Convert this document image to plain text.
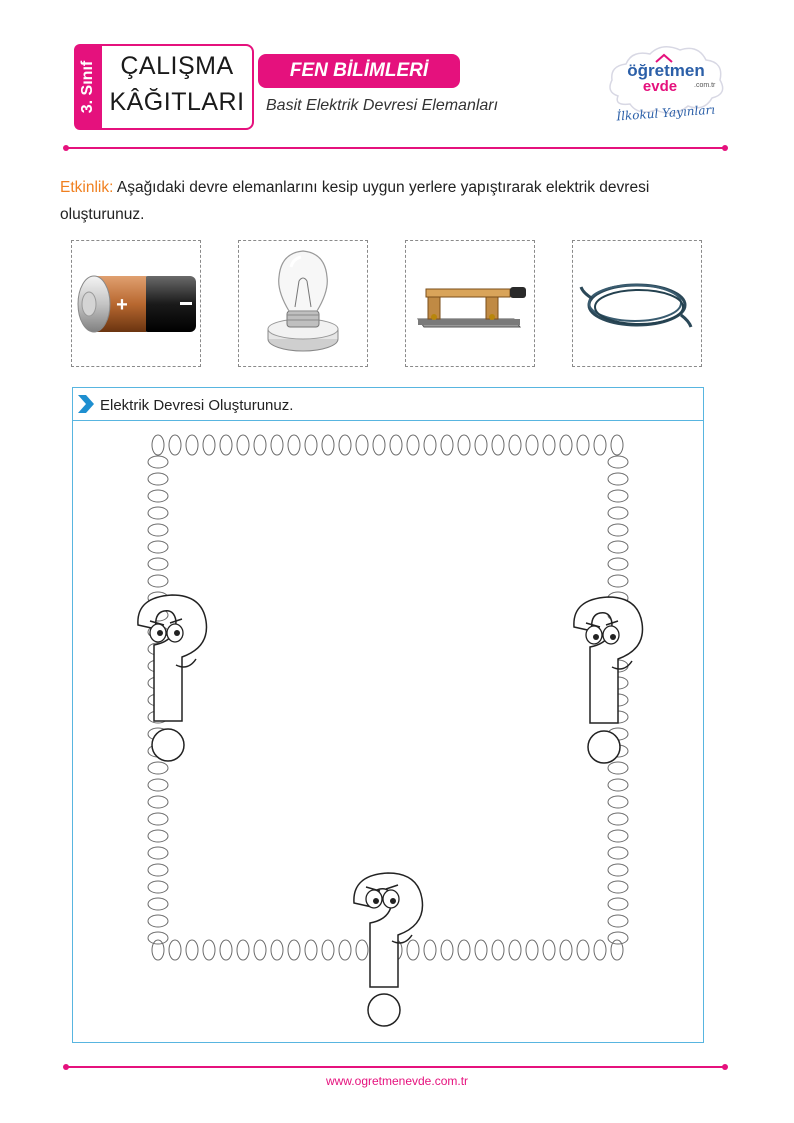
3. Sınıf ÇALIŞMA
KÂĞITLARI
FEN BİLİMLERİ
Basit Elektrik Devresi Elemanları
öğretmen
evde .com.tr
İlkokul Yayınları
Etkinlik: Aşağıdaki devre elemanlarını kesip uygun yerlere yapıştırarak elektrik devresi oluşturunuz.
+
Elektrik Devresi Oluşturunuz.
www.ogretmenevde.com.tr
